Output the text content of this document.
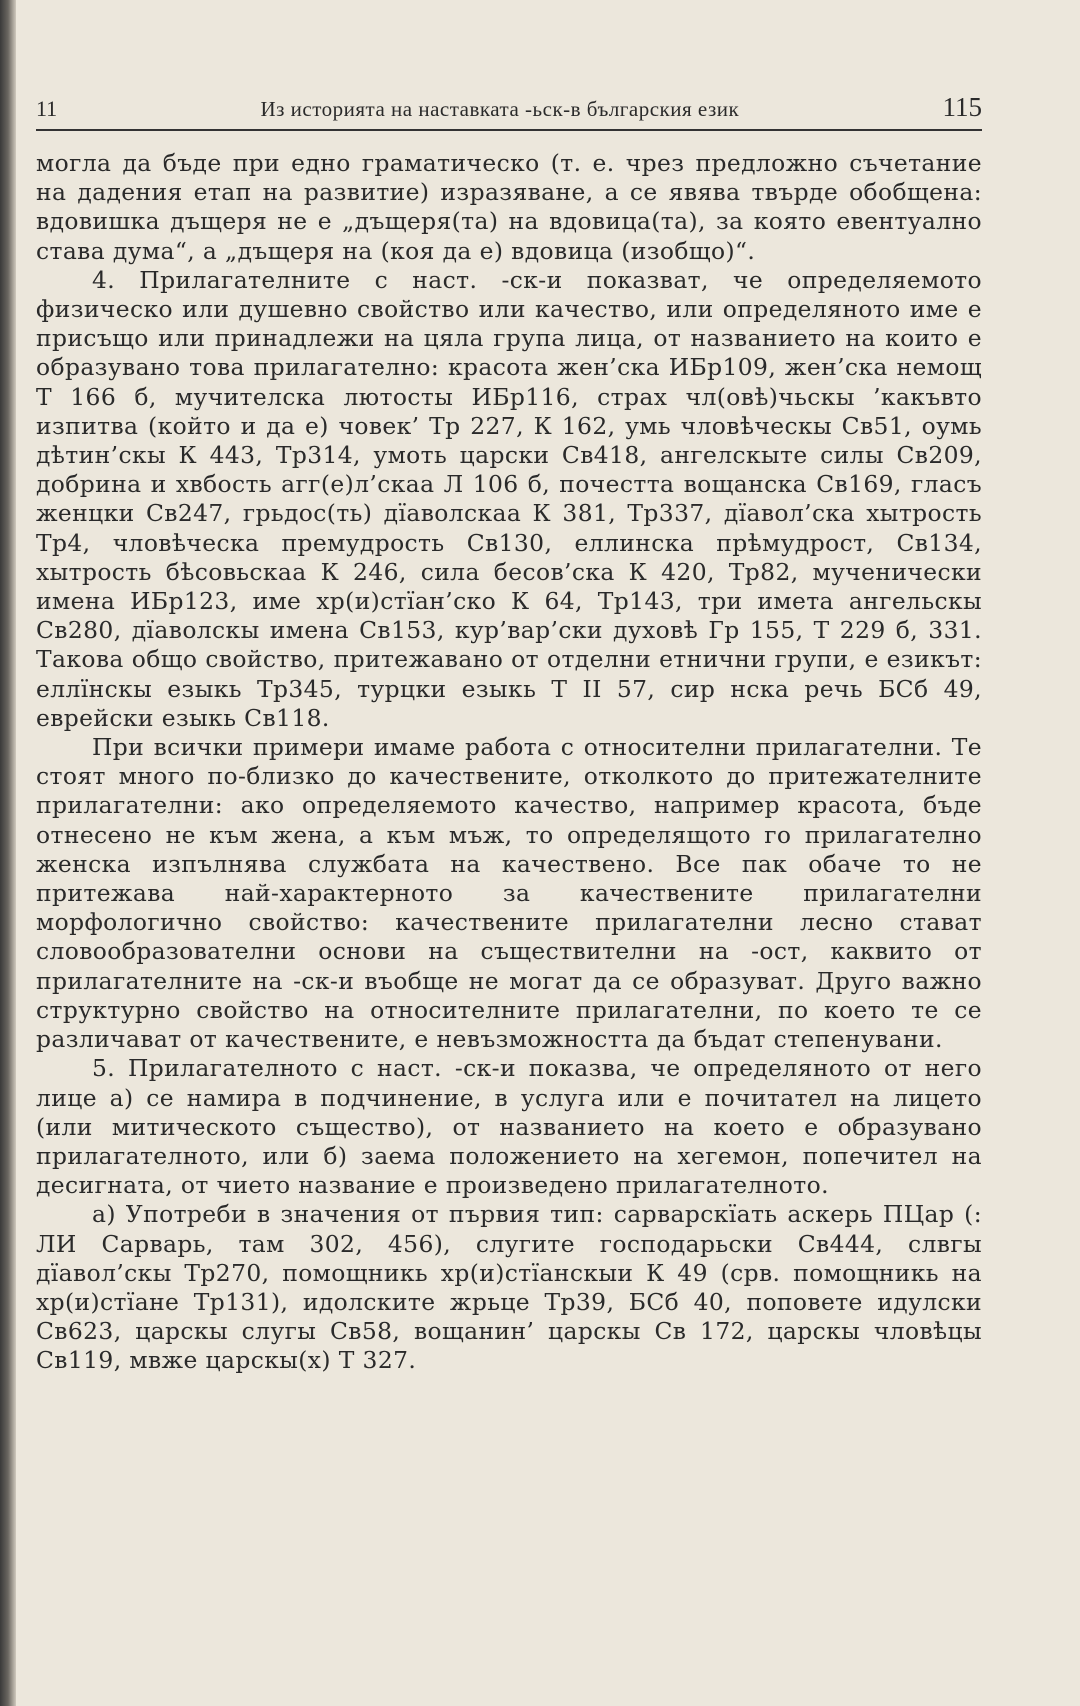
11	Из историята на наставката -ьск-в българския език	115

могла да бъде при едно граматическо (т. е. чрез предложно съчетание на дадения етап на развитие) изразяване, а се явява твърде обобщена: вдовишка дъщеря не е „дъщеря(та) на вдовица(та), за която евентуално става дума“, а „дъщеря на (коя да е) вдовица (изобщо)“.

4. Прилагателните с наст. -ск-и показват, че определяемото физическо или душевно свойство или качество, или определяното име е присъщо или принадлежи на цяла група лица, от названието на които е образувано това прилагателно: красота жен’ска ИБр109, жен’ска немощ Т 166 б, мучителска лютосты ИБр116, страх чл(овѣ)чьскы ’какъвто изпитва (който и да е) човек’ Тр 227, К 162, умь чловѣческы Св51, оумь дѣтин’скы К 443, Тр314, умоть царски Св418, ангелскыте силы Св209, добрина и хвбость агг(е)л’скаа Л 106 б, почестта вощанска Св169, гласъ женцки Св247, грьдос(ть) дïаволскаа К 381, Тр337, дïавол’ска хытрость Тр4, чловѣческа премудрость Св130, еллинска прѣмудрост, Св134, хытрость бѣсовьскаа К 246, сила бесов’ска К 420, Тр82, мученически имена ИБр123, име хр(и)стïан’ско К 64, Тр143, три имета ангельскы Св280, дïаволскы имена Св153, кур’вар’ски духовѣ Гр 155, Т 229 б, 331. Такова общо свойство, притежавано от отделни етнични групи, е езикът: еллïнскы езыкь Тр345, турцки езыкь Т II 57, сир нска речь БСб 49, еврейски езыкь Св118.

При всички примери имаме работа с относителни прилагателни. Те стоят много по-близко до качествените, отколкото до притежателните прилагателни: ако определяемото качество, например красота, бъде отнесено не към жена, а към мъж, то определящото го прилагателно женска изпълнява службата на качествено. Все пак обаче то не притежава най-характерното за качествените прилагателни морфологично свойство: качествените прилагателни лесно стават словообразователни основи на съществителни на -ост, каквито от прилагателните на -ск-и въобще не могат да се образуват. Друго важно структурно свойство на относителните прилагателни, по което те се различават от качествените, е невъзможността да бъдат степенувани.

5. Прилагателното с наст. -ск-и показва, че определяното от него лице а) се намира в подчинение, в услуга или е почитател на лицето (или митическото същество), от названието на което е образувано прилагателното, или б) заема положението на хегемон, попечител на десигната, от чието название е произведено прилагателното.

а) Употреби в значения от първия тип: сарварскïать аскерь ПЦар (: ЛИ Сарварь, там 302, 456), слугите господарьски Св444, слвгы дïавол’скы Тр270, помощникь хр(и)стïанскыи К 49 (срв. помощникь на хр(и)стïане Тр131), идолските жрьце Тр39, БСб 40, поповете идулски Св623, царскы слугы Св58, вощанин’ царскы Св 172, царскы чловѣцы Св119, мвже царскы(х) Т 327.
